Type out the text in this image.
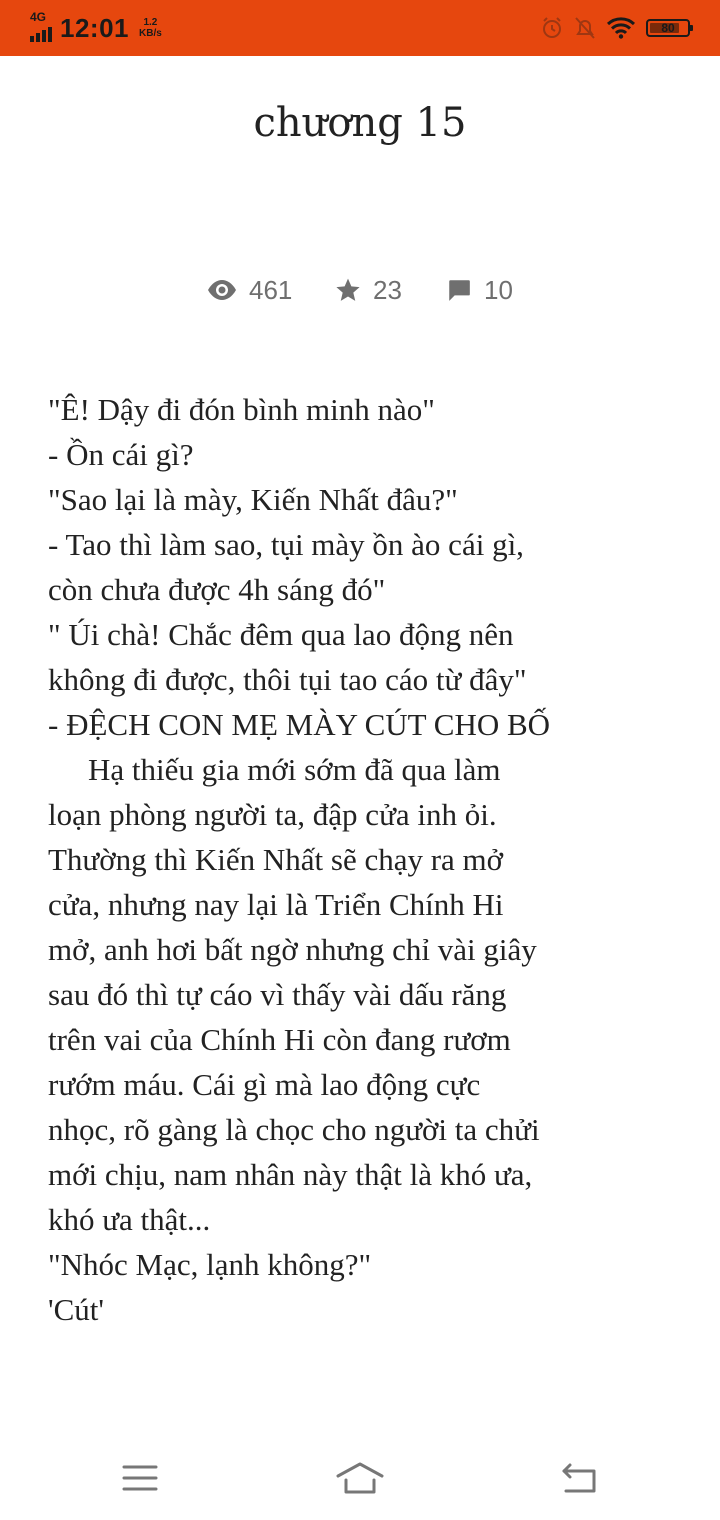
4G 12:01	1.2
KB/s	80
chương 15
461	23	10
"Ê! Dậy đi đón bình minh nào"
- Ồn cái gì?
"Sao lại là mày, Kiến Nhất đâu?"
- Tao thì làm sao, tụi mày ồn ào cái gì,
còn chưa được 4h sáng đó"
" Úi chà! Chắc đêm qua lao động nên
không đi được, thôi tụi tao cáo từ đây"
- ĐỆCH CON MẸ MÀY CÚT CHO BỐ
Hạ thiếu gia mới sớm đã qua làm
loạn phòng người ta, đập cửa inh ỏi.
Thường thì Kiến Nhất sẽ chạy ra mở
cửa, nhưng nay lại là Triển Chính Hi
mở, anh hơi bất ngờ nhưng chỉ vài giây
sau đó thì tự cáo vì thấy vài dấu răng
trên vai của Chính Hi còn đang rươm
rướm máu. Cái gì mà lao động cực
nhọc, rõ gàng là chọc cho người ta chửi
mới chịu, nam nhân này thật là khó ưa,
khó ưa thật...
"Nhóc Mạc, lạnh không?"
'Cút'
